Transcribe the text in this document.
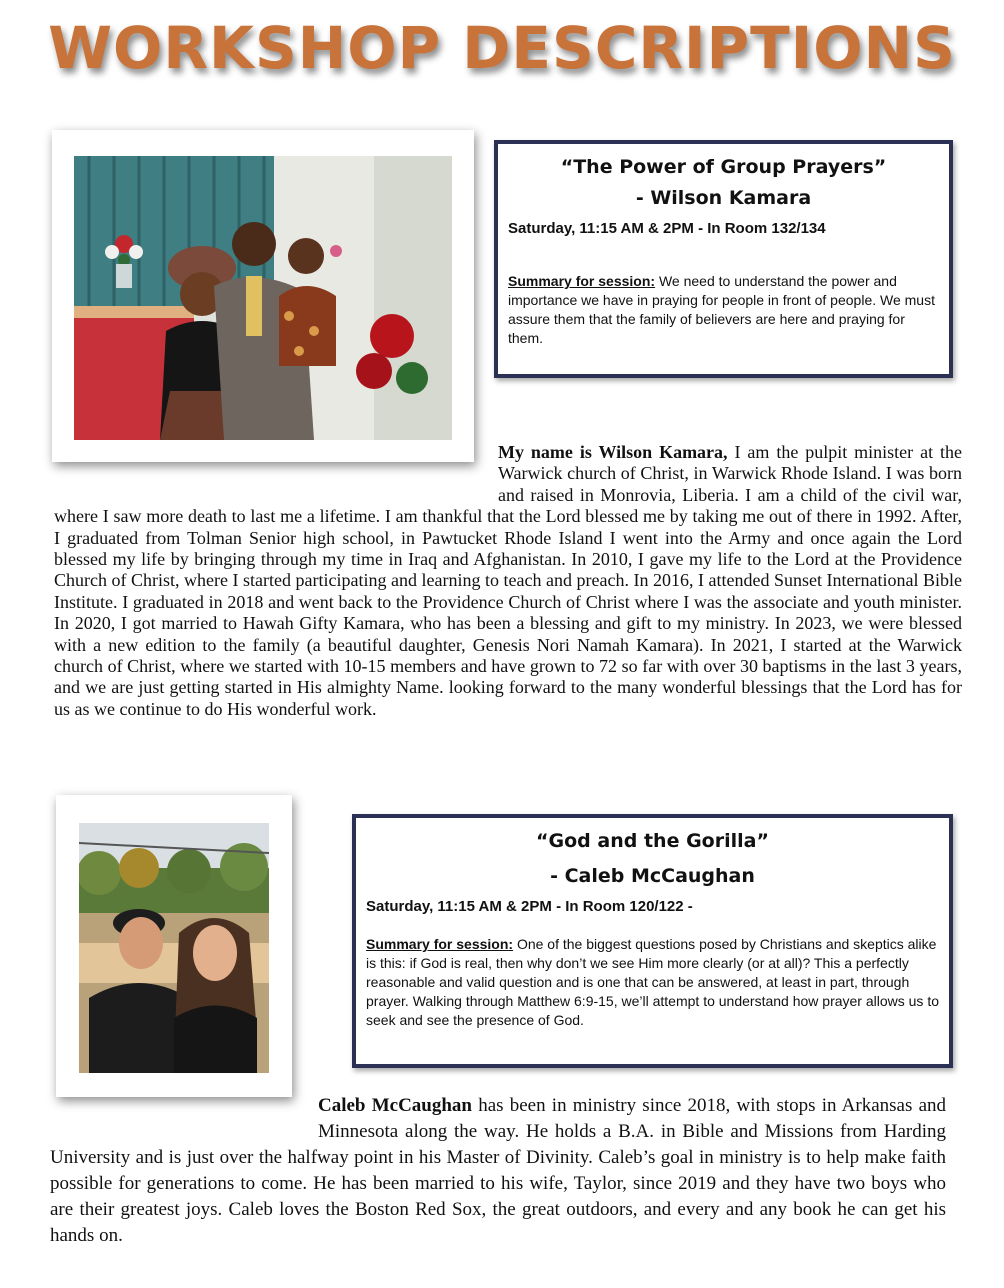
WORKSHOP DESCRIPTIONS

“The Power of Group Prayers”

- Wilson Kamara

Saturday, 11:15 AM & 2PM - In Room 132/134

Summary for session: We need to understand the power and importance we have in praying for people in front of people. We must assure them that the family of believers are here and praying for them.

My name is Wilson Kamara, I am the pulpit minister at the Warwick church of Christ, in Warwick Rhode Island. I was born and raised in Monrovia, Liberia. I am a child of the civil war, where I saw more death to last me a lifetime. I am thankful that the Lord blessed me by taking me out of there in 1992. After, I graduated from Tolman Senior high school, in Pawtucket Rhode Island I went into the Army and once again the Lord blessed my life by bringing through my time in Iraq and Afghanistan. In 2010, I gave my life to the Lord at the Providence Church of Christ, where I started participating and learning to teach and preach. In 2016, I attended Sunset International Bible Institute. I graduated in 2018 and went back to the Providence Church of Christ where I was the associate and youth minister. In 2020, I got married to Hawah Gifty Kamara, who has been a blessing and gift to my ministry. In 2023, we were blessed with a new edition to the family (a beautiful daughter, Genesis Nori Namah Kamara). In 2021, I started at the Warwick church of Christ, where we started with 10-15 members and have grown to 72 so far with over 30 baptisms in the last 3 years, and we are just getting started in His almighty Name. looking forward to the many wonderful blessings that the Lord has for us as we continue to do His wonderful work.

“God and the Gorilla”

- Caleb McCaughan

Saturday, 11:15 AM & 2PM - In Room 120/122 -

Summary for session: One of the biggest questions posed by Christians and skeptics alike is this: if God is real, then why don’t we see Him more clearly (or at all)? This a perfectly reasonable and valid question and is one that can be answered, at least in part, through prayer. Walking through Matthew 6:9-15, we’ll attempt to understand how prayer allows us to seek and see the presence of God.

Caleb McCaughan has been in ministry since 2018, with stops in Arkansas and Minnesota along the way. He holds a B.A. in Bible and Missions from Harding University and is just over the halfway point in his Master of Divinity. Caleb’s goal in ministry is to help make faith possible for generations to come. He has been married to his wife, Taylor, since 2019 and they have two boys who are their greatest joys. Caleb loves the Boston Red Sox, the great outdoors, and every and any book he can get his hands on.
